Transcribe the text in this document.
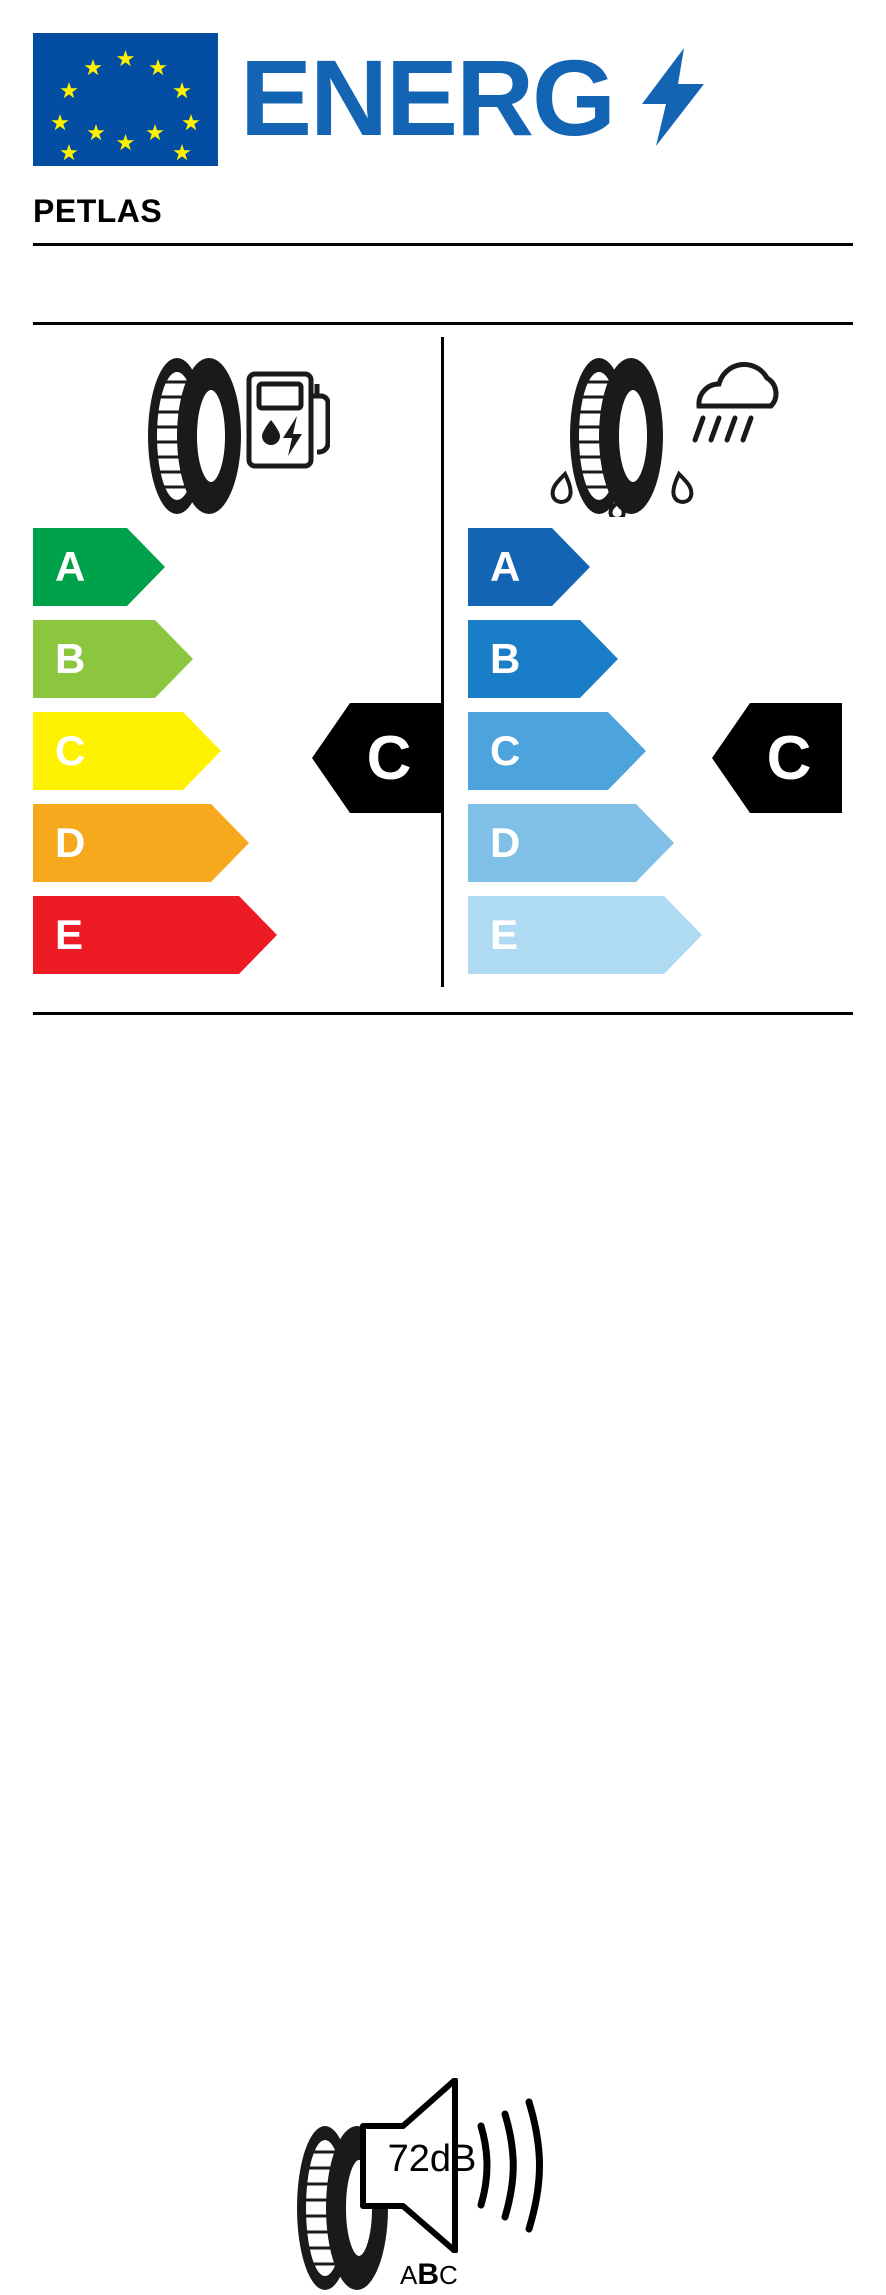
ENERG
PETLAS
A
B
C
D
E
A
B
C
D
E
C	C
72dB
ABC
